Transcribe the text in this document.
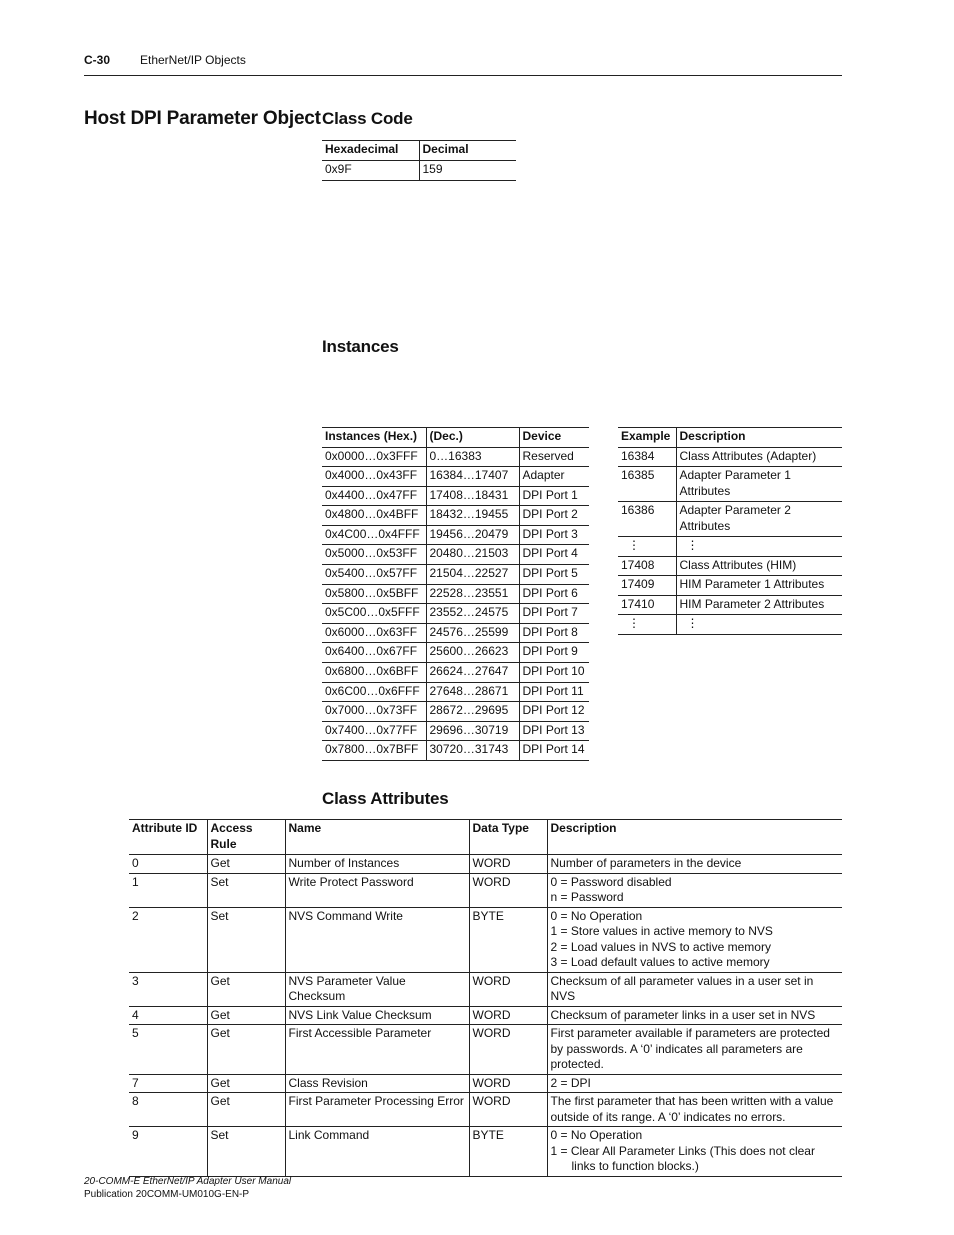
C-30 EtherNet/IP Objects
Host DPI Parameter Object Class Code
Hexadecimal	Decimal
0x9F	159
Instances
Instances (Hex.)	(Dec.)	Device
0x0000…0x3FFF	0…16383	Reserved
0x4000…0x43FF	16384…17407	Adapter
0x4400…0x47FF	17408…18431	DPI Port 1
0x4800…0x4BFF	18432…19455	DPI Port 2
0x4C00…0x4FFF	19456…20479	DPI Port 3
0x5000…0x53FF	20480…21503	DPI Port 4
0x5400…0x57FF	21504…22527	DPI Port 5
0x5800…0x5BFF	22528…23551	DPI Port 6
0x5C00…0x5FFF	23552…24575	DPI Port 7
0x6000…0x63FF	24576…25599	DPI Port 8
0x6400…0x67FF	25600…26623	DPI Port 9
0x6800…0x6BFF	26624…27647	DPI Port 10
0x6C00…0x6FFF	27648…28671	DPI Port 11
0x7000…0x73FF	28672…29695	DPI Port 12
0x7400…0x77FF	29696…30719	DPI Port 13
0x7800…0x7BFF	30720…31743	DPI Port 14
Example	Description
16384	Class Attributes (Adapter)
16385	Adapter Parameter 1 Attributes
16386	Adapter Parameter 2 Attributes
⋮	⋮
17408	Class Attributes (HIM)
17409	HIM Parameter 1 Attributes
17410	HIM Parameter 2 Attributes
⋮	⋮
Class Attributes
Attribute ID	Access Rule	Name	Data Type	Description
0	Get	Number of Instances	WORD	Number of parameters in the device

1	Set	Write Protect Password	WORD	0 = Password disabled
n = Password

2	Set	NVS Command Write	BYTE	0 = No Operation
1 = Store values in active memory to NVS
2 = Load values in NVS to active memory
3 = Load default values to active memory

3	Get	NVS Parameter Value Checksum	WORD	Checksum of all parameter values in a user set in NVS

4	Get	NVS Link Value Checksum	WORD	Checksum of parameter links in a user set in NVS

5	Get	First Accessible Parameter	WORD	First parameter available if parameters are protected by passwords. A ‘0’ indicates all parameters are protected.

7	Get	Class Revision	WORD	2 = DPI

8	Get	First Parameter Processing Error	WORD	The first parameter that has been written with a value outside of its range. A ‘0’ indicates no errors.

9	Set	Link Command	BYTE	0 = No Operation
1 = Clear All Parameter Links (This does not clear links to function blocks.)
20-COMM-E EtherNet/IP Adapter User Manual
Publication 20COMM-UM010G-EN-P
